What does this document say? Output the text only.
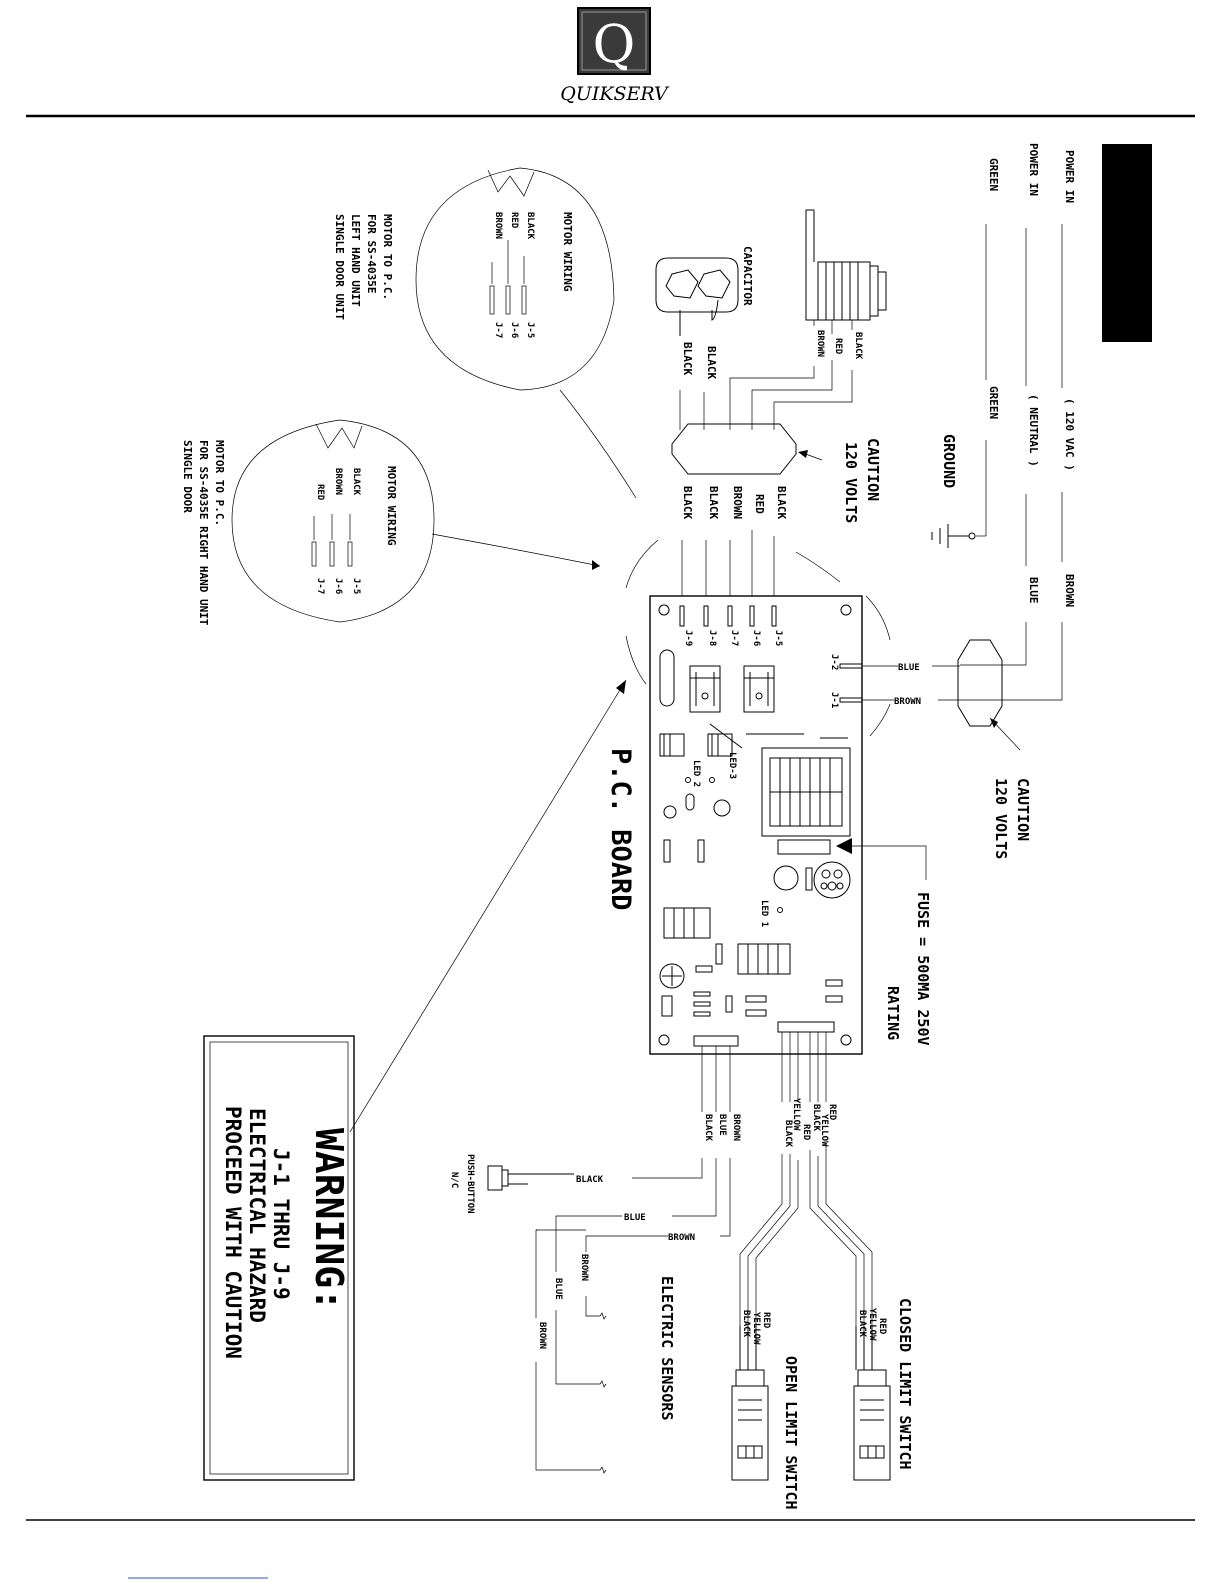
Q
QUIKSERV
POWER IN
POWER IN
GREEN
( 120 VAC )
( NEUTRAL )
GREEN
BROWN
BLUE
GROUND
CAUTION
120 VOLTS
CAUTION
120 VOLTS
BLACK
RED
BROWN
CAPACITOR
BLACK
BLACK
BLACK
RED
BROWN
BLACK
BLACK
J-5
J-6
J-7
J-8
J-9
J-2
J-1
BLUE
BROWN
P.C. BOARD	LED-3
LED 2
LED 1	FUSE = 500MA 250V
RATING
MOTOR WIRING
BLACK
RED
BROWN
J-5
J-6
J-7
MOTOR TO P.C.
FOR SS-4035E
LEFT HAND UNIT
SINGLE DOOR UNIT
MOTOR WIRING
BLACK
BROWN
RED
J-5
J-6
J-7
MOTOR TO P.C.
FOR SS-4035E RIGHT HAND UNIT
SINGLE DOOR
WARNING:
J-1 THRU J-9
ELECTRICAL HAZARD
PROCEED WITH CAUTION	BROWN
BLUE
BLACK
BLACK
BLUE
BROWN
PUSH-BUTTON
N/C
ELECTRIC SENSORS
BROWN
BLUE
BROWN
RED
YELLOW
BLACK
RED
YELLOW
BLACK
RED
YELLOW
BLACK
OPEN LIMIT SWITCH
RED
YELLOW
BLACK CLOSED LIMIT SWITCH
